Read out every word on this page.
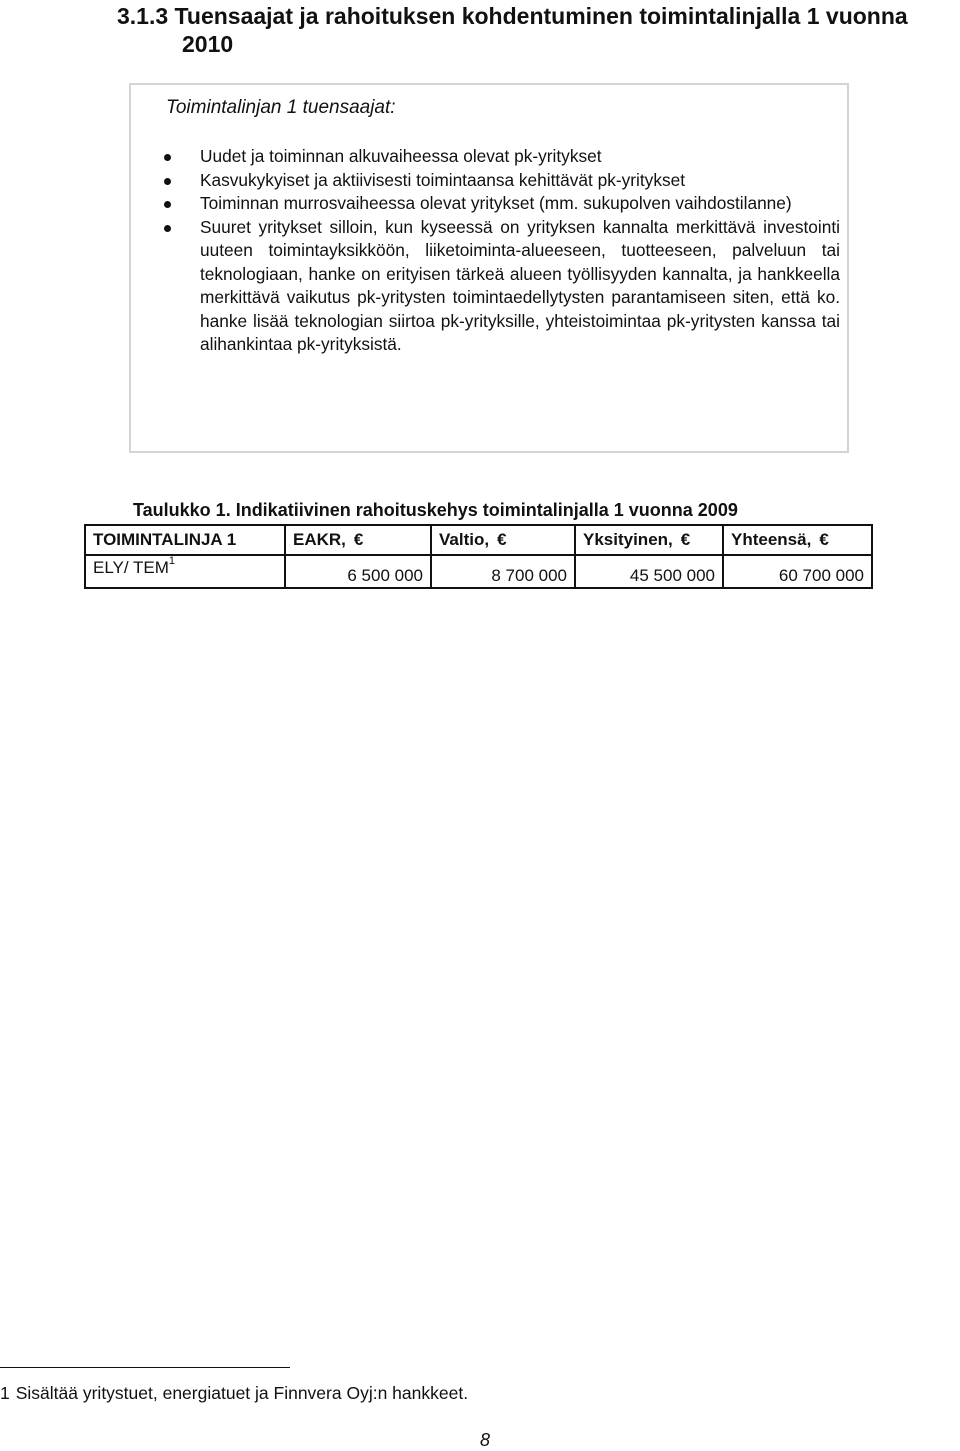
3.1.3 Tuensaajat ja rahoituksen kohdentuminen toimintalinjalla 1 vuonna
2010
Toimintalinjan 1 tuensaajat:
Uudet ja toiminnan alkuvaiheessa olevat pk-yritykset
Kasvukykyiset ja aktiivisesti toimintaansa kehittävät pk-yritykset
Toiminnan murrosvaiheessa olevat yritykset (mm. sukupolven vaihdostilanne)
Suuret yritykset silloin, kun kyseessä on yrityksen kannalta merkittävä investointi uuteen toimintayksikköön, liiketoiminta-alueeseen, tuotteeseen, palveluun tai teknologiaan, hanke on erityisen tärkeä alueen työllisyyden kannalta, ja hankkeella merkittävä vaikutus pk-yritysten toimintaedellytysten parantamiseen siten, että ko. hanke lisää teknologian siirtoa pk-yrityksille, yhteistoimintaa pk-yritysten kanssa tai alihankintaa pk-yrityksistä.

Taulukko 1. Indikatiivinen rahoituskehys toimintalinjalla 1 vuonna 2009

TOIMINTALINJA 1	EAKR, €	Valtio, €	Yksityinen, €	Yhteensä, €
ELY/ TEM$^1$	6 500 000	8 700 000	45 500 000	60 700 000

1 Sisältää yritystuet, energiatuet ja Finnvera Oyj:n hankkeet.

8
